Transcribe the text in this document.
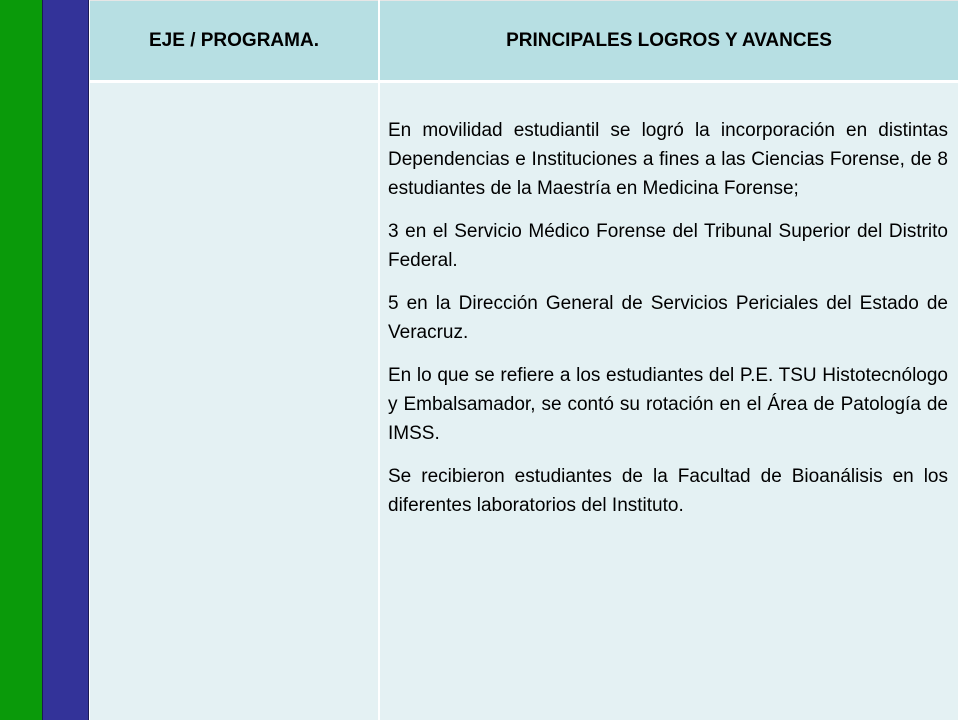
EJE / PROGRAMA.	PRINCIPALES LOGROS Y AVANCES

	En movilidad estudiantil se logró la incorporación en distintas Dependencias e Instituciones a fines a las Ciencias Forense, de 8 estudiantes de la Maestría en Medicina Forense;

3 en el Servicio Médico Forense del Tribunal Superior del Distrito Federal.

5 en la Dirección General de Servicios Periciales del Estado de Veracruz.

En lo que se refiere a los estudiantes del P.E. TSU Histotecnólogo y Embalsamador, se contó su rotación en el Área de Patología de IMSS.

Se recibieron estudiantes de la Facultad de Bioanálisis en los diferentes laboratorios del Instituto.
